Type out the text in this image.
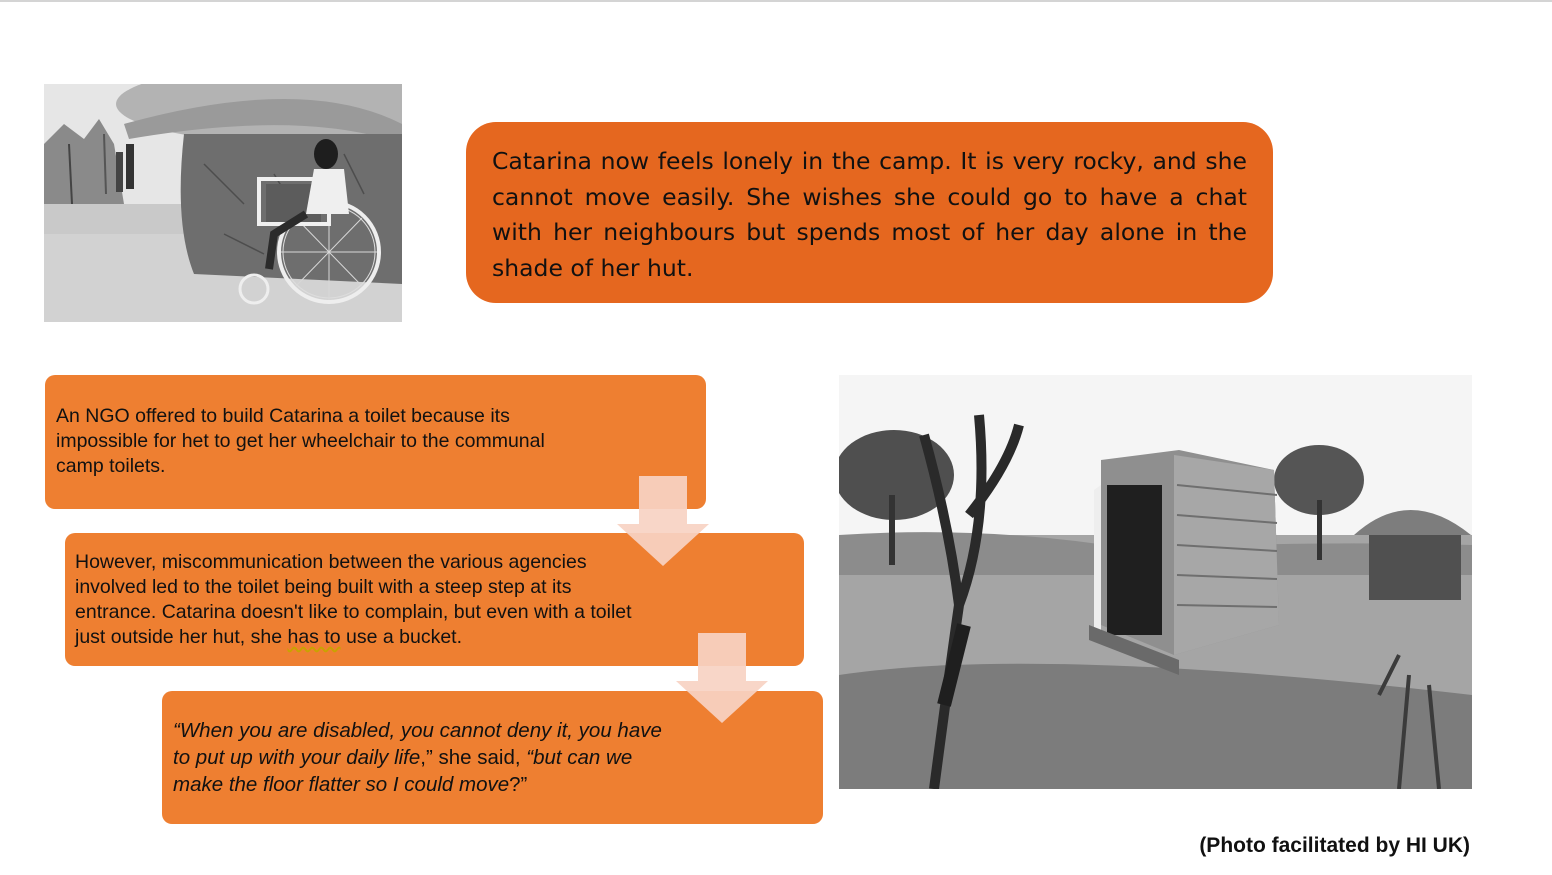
Catarina now feels lonely in the camp. It is very rocky, and she cannot move easily. She wishes she could go to have a chat with her neighbours but spends most of her day alone in the shade of her hut.

An NGO offered to build Catarina a toilet because its impossible for het to get her wheelchair to the communal camp toilets.

However, miscommunication between the various agencies involved led to the toilet being built with a steep step at its entrance. Catarina doesn't like to complain, but even with a toilet just outside her hut, she has to use a bucket.

“When you are disabled, you cannot deny it, you have to put up with your daily life,” she said, “but can we make the floor flatter so I could move?”

(Photo facilitated by HI UK)
